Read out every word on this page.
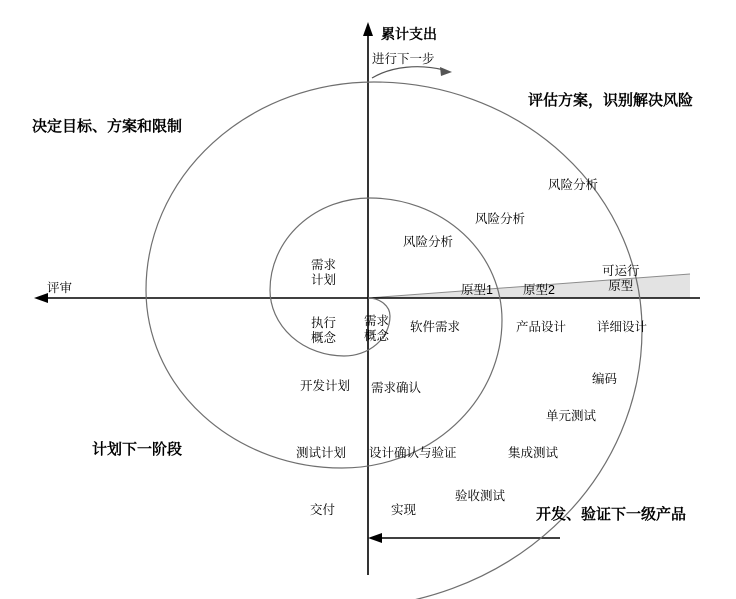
累计支出
进行下一步
评审
决定目标、方案和限制
评估方案，识别解决风险
计划下一阶段
开发、验证下一级产品
风险分析
风险分析
风险分析
原型1 原型2
可运行
原型
需求
计划
执行
概念
需求
概念
软件需求	产品设计 详细设计
编码
单元测试
集成测试
验收测试
实现
设计确认与验证
需求确认
开发计划
测试计划
交付
